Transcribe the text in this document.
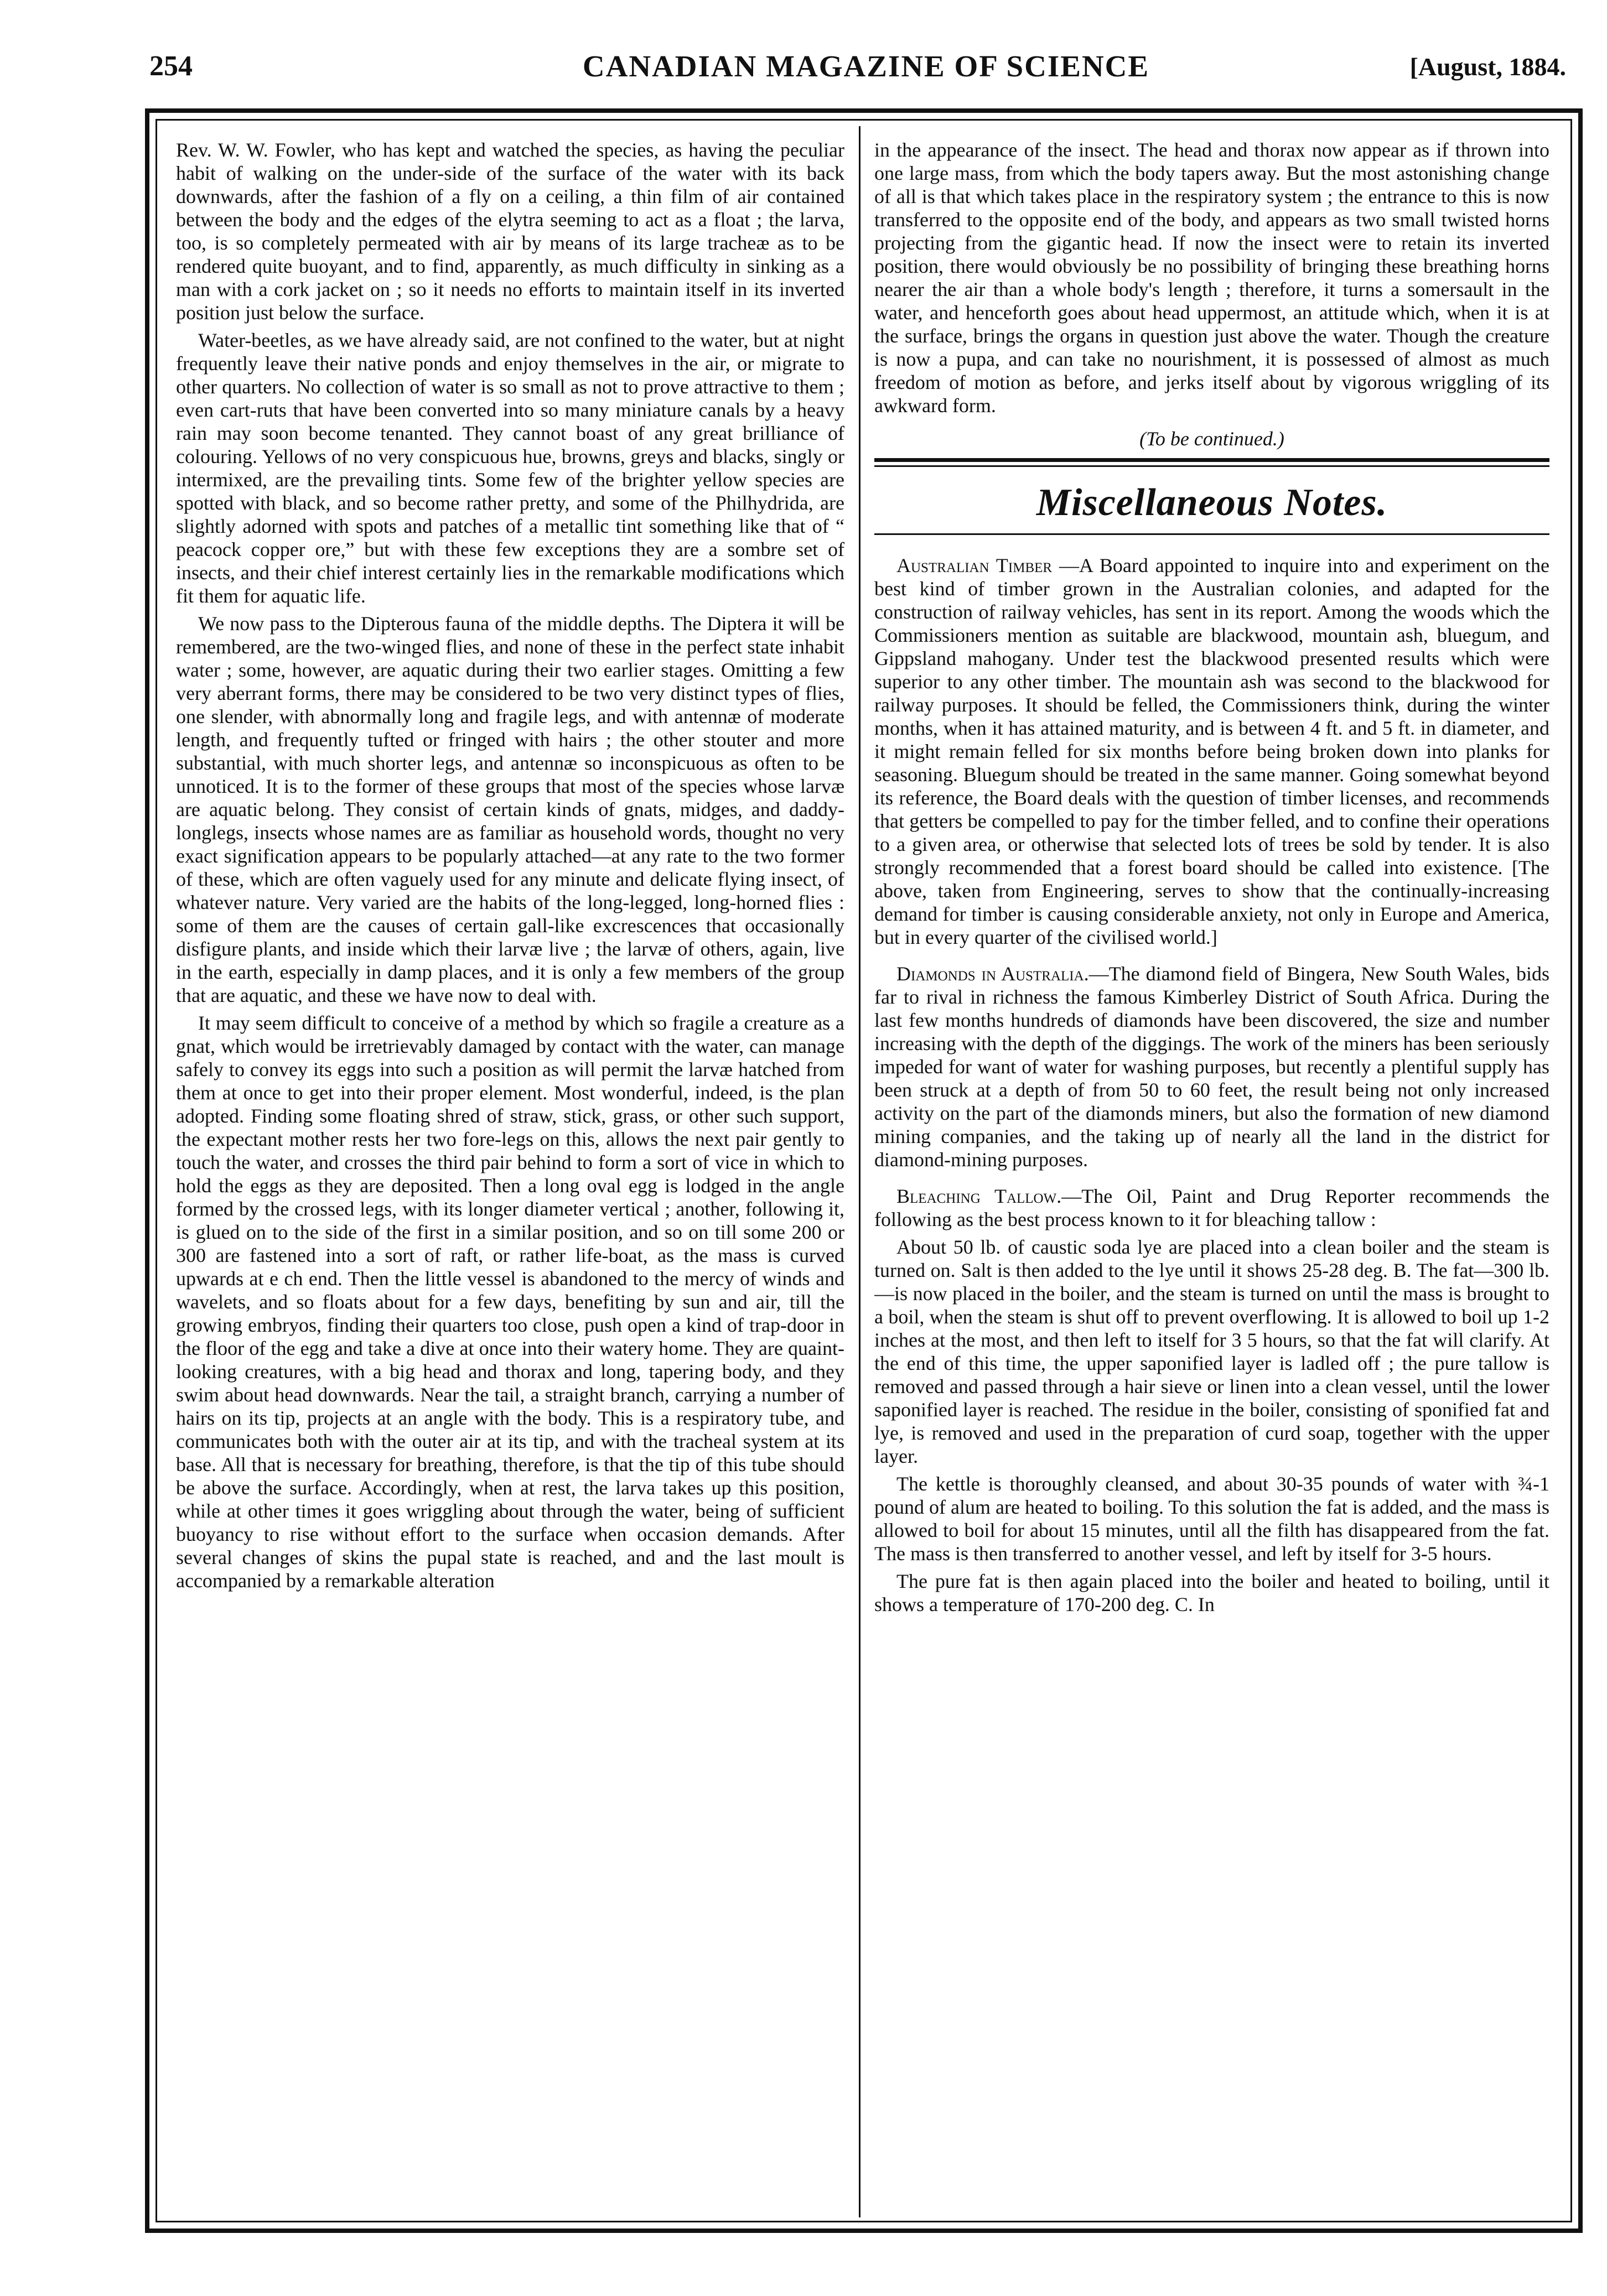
254	CANADIAN MAGAZINE OF SCIENCE	[August, 1884.

Rev. W. W. Fowler, who has kept and watched the species, as having the peculiar habit of walking on the under-side of the surface of the water with its back downwards, after the fashion of a fly on a ceiling, a thin film of air contained between the body and the edges of the elytra seeming to act as a float ; the larva, too, is so completely permeated with air by means of its large tracheæ as to be rendered quite buoyant, and to find, apparently, as much difficulty in sinking as a man with a cork jacket on ; so it needs no efforts to maintain itself in its inverted position just below the surface.

Water-beetles, as we have already said, are not confined to the water, but at night frequently leave their native ponds and enjoy themselves in the air, or migrate to other quarters. No collection of water is so small as not to prove attractive to them ; even cart-ruts that have been converted into so many miniature canals by a heavy rain may soon become tenanted. They cannot boast of any great brilliance of colouring. Yellows of no very conspicuous hue, browns, greys and blacks, singly or intermixed, are the prevailing tints. Some few of the brighter yellow species are spotted with black, and so become rather pretty, and some of the Philhydrida, are slightly adorned with spots and patches of a metallic tint something like that of “ peacock copper ore,” but with these few exceptions they are a sombre set of insects, and their chief interest certainly lies in the remarkable modifications which fit them for aquatic life.

We now pass to the Dipterous fauna of the middle depths. The Diptera it will be remembered, are the two-winged flies, and none of these in the perfect state inhabit water ; some, however, are aquatic during their two earlier stages. Omitting a few very aberrant forms, there may be considered to be two very distinct types of flies, one slender, with abnormally long and fragile legs, and with antennæ of moderate length, and frequently tufted or fringed with hairs ; the other stouter and more substantial, with much shorter legs, and antennæ so inconspicuous as often to be unnoticed. It is to the former of these groups that most of the species whose larvæ are aquatic belong. They consist of certain kinds of gnats, midges, and daddy-longlegs, insects whose names are as familiar as household words, thought no very exact signification appears to be popularly attached—at any rate to the two former of these, which are often vaguely used for any minute and delicate flying insect, of whatever nature. Very varied are the habits of the long-legged, long-horned flies : some of them are the causes of certain gall-like excrescences that occasionally disfigure plants, and inside which their larvæ live ; the larvæ of others, again, live in the earth, especially in damp places, and it is only a few members of the group that are aquatic, and these we have now to deal with.

It may seem difficult to conceive of a method by which so fragile a creature as a gnat, which would be irretrievably damaged by contact with the water, can manage safely to convey its eggs into such a position as will permit the larvæ hatched from them at once to get into their proper element. Most wonderful, indeed, is the plan adopted. Finding some floating shred of straw, stick, grass, or other such support, the expectant mother rests her two fore-legs on this, allows the next pair gently to touch the water, and crosses the third pair behind to form a sort of vice in which to hold the eggs as they are deposited. Then a long oval egg is lodged in the angle formed by the crossed legs, with its longer diameter vertical ; another, following it, is glued on to the side of the first in a similar position, and so on till some 200 or 300 are fastened into a sort of raft, or rather life-boat, as the mass is curved upwards at e ch end. Then the little vessel is abandoned to the mercy of winds and wavelets, and so floats about for a few days, benefiting by sun and air, till the growing embryos, finding their quarters too close, push open a kind of trap-door in the floor of the egg and take a dive at once into their watery home. They are quaint-looking creatures, with a big head and thorax and long, tapering body, and they swim about head downwards. Near the tail, a straight branch, carrying a number of hairs on its tip, projects at an angle with the body. This is a respiratory tube, and communicates both with the outer air at its tip, and with the tracheal system at its base. All that is necessary for breathing, therefore, is that the tip of this tube should be above the surface. Accordingly, when at rest, the larva takes up this position, while at other times it goes wriggling about through the water, being of sufficient buoyancy to rise without effort to the surface when occasion demands. After several changes of skins the pupal state is reached, and and the last moult is accompanied by a remarkable alteration

in the appearance of the insect. The head and thorax now appear as if thrown into one large mass, from which the body tapers away. But the most astonishing change of all is that which takes place in the respiratory system ; the entrance to this is now transferred to the opposite end of the body, and appears as two small twisted horns projecting from the gigantic head. If now the insect were to retain its inverted position, there would obviously be no possibility of bringing these breathing horns nearer the air than a whole body's length ; therefore, it turns a somersault in the water, and henceforth goes about head uppermost, an attitude which, when it is at the surface, brings the organs in question just above the water. Though the creature is now a pupa, and can take no nourishment, it is possessed of almost as much freedom of motion as before, and jerks itself about by vigorous wriggling of its awkward form.

(To be continued.)

Miscellaneous Notes.

Australian Timber —A Board appointed to inquire into and experiment on the best kind of timber grown in the Australian colonies, and adapted for the construction of railway vehicles, has sent in its report. Among the woods which the Commissioners mention as suitable are blackwood, mountain ash, bluegum, and Gippsland mahogany. Under test the blackwood presented results which were superior to any other timber. The mountain ash was second to the blackwood for railway purposes. It should be felled, the Commissioners think, during the winter months, when it has attained maturity, and is between 4 ft. and 5 ft. in diameter, and it might remain felled for six months before being broken down into planks for seasoning. Bluegum should be treated in the same manner. Going somewhat beyond its reference, the Board deals with the question of timber licenses, and recommends that getters be compelled to pay for the timber felled, and to confine their operations to a given area, or otherwise that selected lots of trees be sold by tender. It is also strongly recommended that a forest board should be called into existence. [The above, taken from Engineering, serves to show that the continually-increasing demand for timber is causing considerable anxiety, not only in Europe and America, but in every quarter of the civilised world.]

Diamonds in Australia.—The diamond field of Bingera, New South Wales, bids far to rival in richness the famous Kimberley District of South Africa. During the last few months hundreds of diamonds have been discovered, the size and number increasing with the depth of the diggings. The work of the miners has been seriously impeded for want of water for washing purposes, but recently a plentiful supply has been struck at a depth of from 50 to 60 feet, the result being not only increased activity on the part of the diamonds miners, but also the formation of new diamond mining companies, and the taking up of nearly all the land in the district for diamond-mining purposes.

Bleaching Tallow.—The Oil, Paint and Drug Reporter recommends the following as the best process known to it for bleaching tallow :

About 50 lb. of caustic soda lye are placed into a clean boiler and the steam is turned on. Salt is then added to the lye until it shows 25-28 deg. B. The fat—300 lb.—is now placed in the boiler, and the steam is turned on until the mass is brought to a boil, when the steam is shut off to prevent overflowing. It is allowed to boil up 1-2 inches at the most, and then left to itself for 3 5 hours, so that the fat will clarify. At the end of this time, the upper saponified layer is ladled off ; the pure tallow is removed and passed through a hair sieve or linen into a clean vessel, until the lower saponified layer is reached. The residue in the boiler, consisting of sponified fat and lye, is removed and used in the preparation of curd soap, together with the upper layer.

The kettle is thoroughly cleansed, and about 30-35 pounds of water with ¾-1 pound of alum are heated to boiling. To this solution the fat is added, and the mass is allowed to boil for about 15 minutes, until all the filth has disappeared from the fat. The mass is then transferred to another vessel, and left by itself for 3-5 hours.

The pure fat is then again placed into the boiler and heated to boiling, until it shows a temperature of 170-200 deg. C. In
